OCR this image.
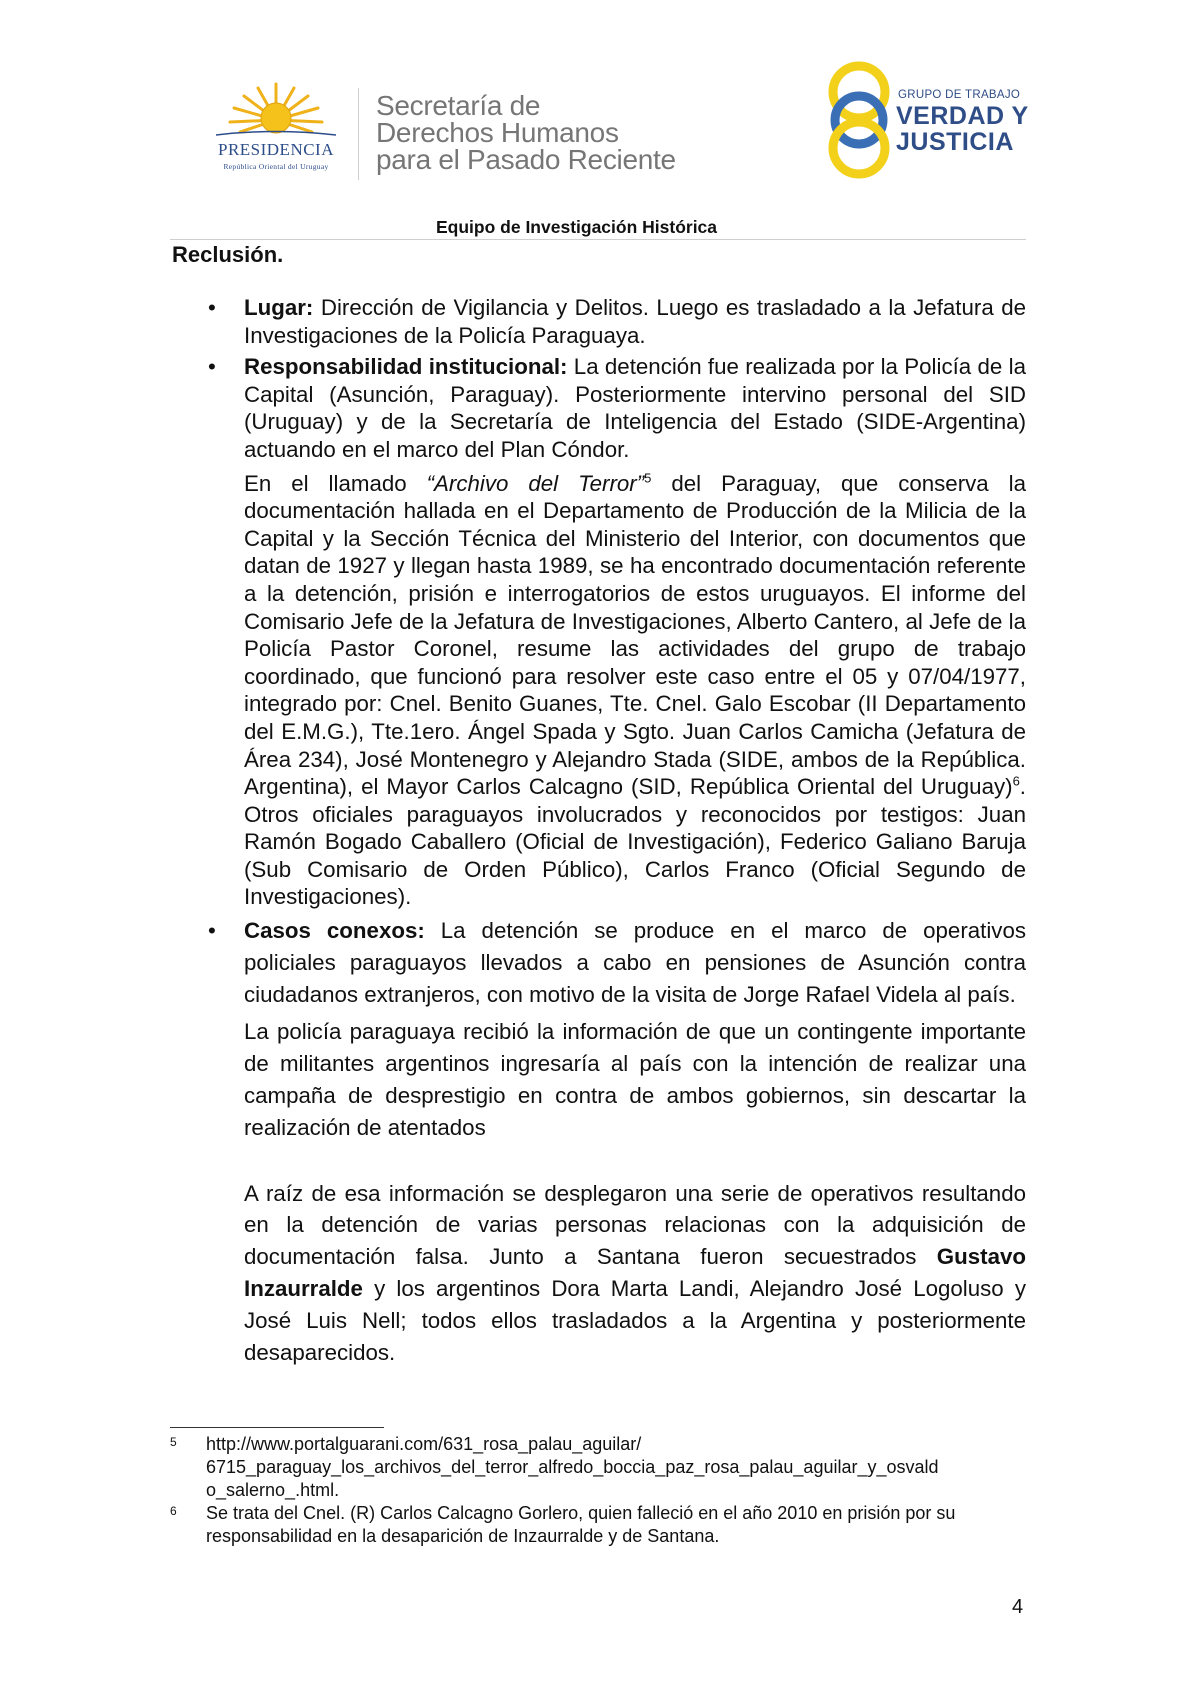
PRESIDENCIA
República Oriental del Uruguay
Secretaría de
Derechos Humanos
para el Pasado Reciente
GRUPO DE TRABAJO
VERDAD Y
JUSTICIA
Equipo de Investigación Histórica
Reclusión.
• Lugar: Dirección de Vigilancia y Delitos. Luego es trasladado a la Jefatura de Investigaciones de la Policía Paraguaya.
• Responsabilidad institucional: La detención fue realizada por la Policía de la Capital (Asunción, Paraguay). Posteriormente intervino personal del SID (Uruguay) y de la Secretaría de Inteligencia del Estado (SIDE-Argentina) actuando en el marco del Plan Cóndor.
En el llamado “Archivo del Terror”$^5$ del Paraguay, que conserva la documentación hallada en el Departamento de Producción de la Milicia de la Capital y la Sección Técnica del Ministerio del Interior, con documentos que datan de 1927 y llegan hasta 1989, se ha encontrado documentación referente a la detención, prisión e interrogatorios de estos uruguayos. El informe del Comisario Jefe de la Jefatura de Investigaciones, Alberto Cantero, al Jefe de la Policía Pastor Coronel, resume las actividades del grupo de trabajo coordinado, que funcionó para resolver este caso entre el 05 y 07/04/1977, integrado por: Cnel. Benito Guanes, Tte. Cnel. Galo Escobar (II Departamento del E.M.G.), Tte.1ero. Ángel Spada y Sgto. Juan Carlos Camicha (Jefatura de Área 234), José Montenegro y Alejandro Stada (SIDE, ambos de la República. Argentina), el Mayor Carlos Calcagno (SID, República Oriental del Uruguay)$^6$. Otros oficiales paraguayos involucrados y reconocidos por testigos: Juan Ramón Bogado Caballero (Oficial de Investigación), Federico Galiano Baruja (Sub Comisario de Orden Público), Carlos Franco (Oficial Segundo de Investigaciones).
• Casos conexos: La detención se produce en el marco de operativos policiales paraguayos llevados a cabo en pensiones de Asunción contra ciudadanos extranjeros, con motivo de la visita de Jorge Rafael Videla al país.
La policía paraguaya recibió la información de que un contingente importante de militantes argentinos ingresaría al país con la intención de realizar una campaña de desprestigio en contra de ambos gobiernos, sin descartar la realización de atentados
A raíz de esa información se desplegaron una serie de operativos resultando en la detención de varias personas relacionas con la adquisición de documentación falsa. Junto a Santana fueron secuestrados Gustavo Inzaurralde y los argentinos Dora Marta Landi, Alejandro José Logoluso y José Luis Nell; todos ellos trasladados a la Argentina y posteriormente desaparecidos.
5 http://www.portalguarani.com/631_rosa_palau_aguilar/
6715_paraguay_los_archivos_del_terror_alfredo_boccia_paz_rosa_palau_aguilar_y_osvald
o_salerno_.html.
6 Se trata del Cnel. (R) Carlos Calcagno Gorlero, quien falleció en el año 2010 en prisión por su responsabilidad en la desaparición de Inzaurralde y de Santana.
4
